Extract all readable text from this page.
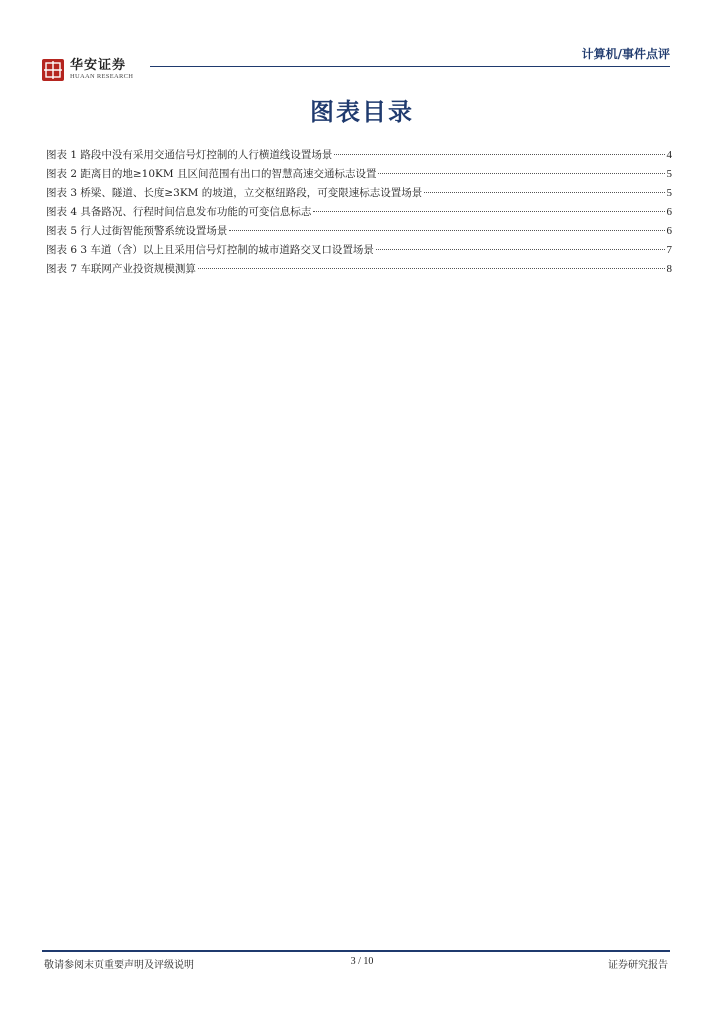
华安证券
HUAAN RESEARCH
计算机/事件点评
图表目录
图表 1 路段中没有采用交通信号灯控制的人行横道线设置场景	4
图表 2 距离目的地≥10KM 且区间范围有出口的智慧高速交通标志设置	5
图表 3 桥梁、隧道、长度≥3KM 的坡道，立交枢纽路段，可变限速标志设置场景	5
图表 4 具备路况、行程时间信息发布功能的可变信息标志	6
图表 5 行人过街智能预警系统设置场景	6
图表 6 3 车道（含）以上且采用信号灯控制的城市道路交叉口设置场景	7
图表 7 车联网产业投资规模测算	8
敬请参阅末页重要声明及评级说明	3 / 10	证券研究报告
